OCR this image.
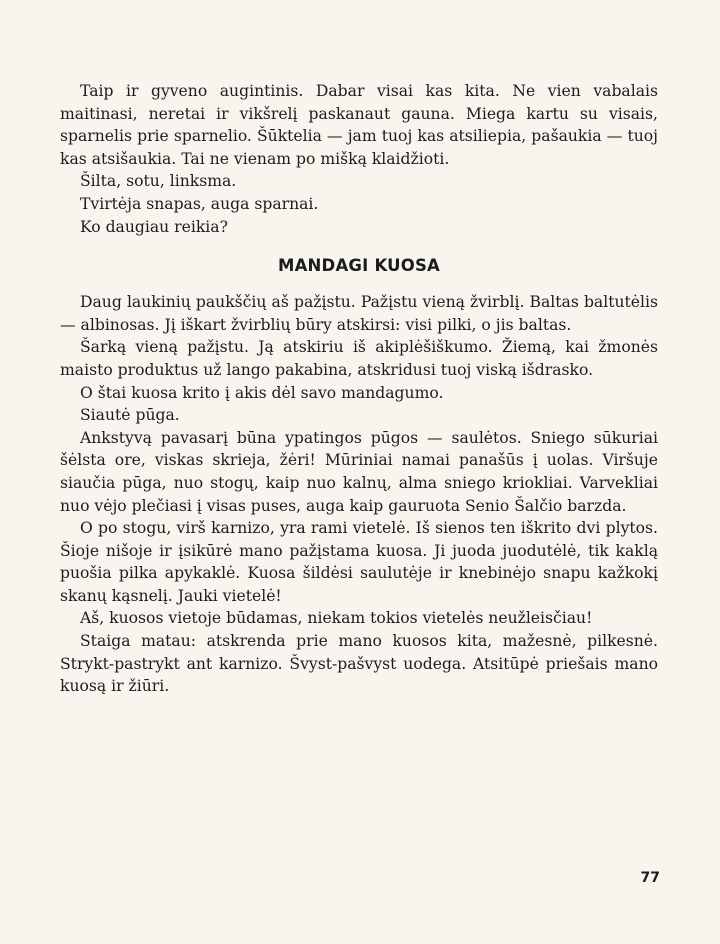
Taip ir gyveno augintinis. Dabar visai kas kita. Ne vien vabalais maitinasi, neretai ir vikšrelį paskanaut gauna. Miega kartu su visais, sparnelis prie sparnelio. Šūktelia — jam tuoj kas atsiliepia, pašaukia — tuoj kas atsišaukia. Tai ne vienam po mišką klaidžioti.

Šilta, sotu, linksma.

Tvirtėja snapas, auga sparnai.

Ko daugiau reikia?

MANDAGI KUOSA

Daug laukinių paukščių aš pažįstu. Pažįstu vieną žvirblį. Baltas baltutėlis — albinosas. Jį iškart žvirblių būry atskirsi: visi pilki, o jis baltas.

Šarką vieną pažįstu. Ją atskiriu iš akiplėšiškumo. Žiemą, kai žmonės maisto produktus už lango pakabina, atskridusi tuoj viską išdrasko.

O štai kuosa krito į akis dėl savo mandagumo.

Siautė pūga.

Ankstyvą pavasarį būna ypatingos pūgos — saulėtos. Sniego sūkuriai šėlsta ore, viskas skrieja, žėri! Mūriniai namai panašūs į uolas. Viršuje siaučia pūga, nuo stogų, kaip nuo kalnų, alma sniego kriokliai. Varvekliai nuo vėjo plečiasi į visas puses, auga kaip gauruota Senio Šalčio barzda.

O po stogu, virš karnizo, yra rami vietelė. Iš sienos ten iškrito dvi plytos. Šioje nišoje ir įsikūrė mano pažįstama kuosa. Ji juoda juodutėlė, tik kaklą puošia pilka apykaklė. Kuosa šildėsi saulutėje ir knebinėjo snapu kažkokį skanų kąsnelį. Jauki vietelė!

Aš, kuosos vietoje būdamas, niekam tokios vietelės neužleisčiau!

Staiga matau: atskrenda prie mano kuosos kita, mažesnė, pilkesnė. Strykt-pastrykt ant karnizo. Švyst-pašvyst uodega. Atsitūpė priešais mano kuosą ir žiūri.

77
